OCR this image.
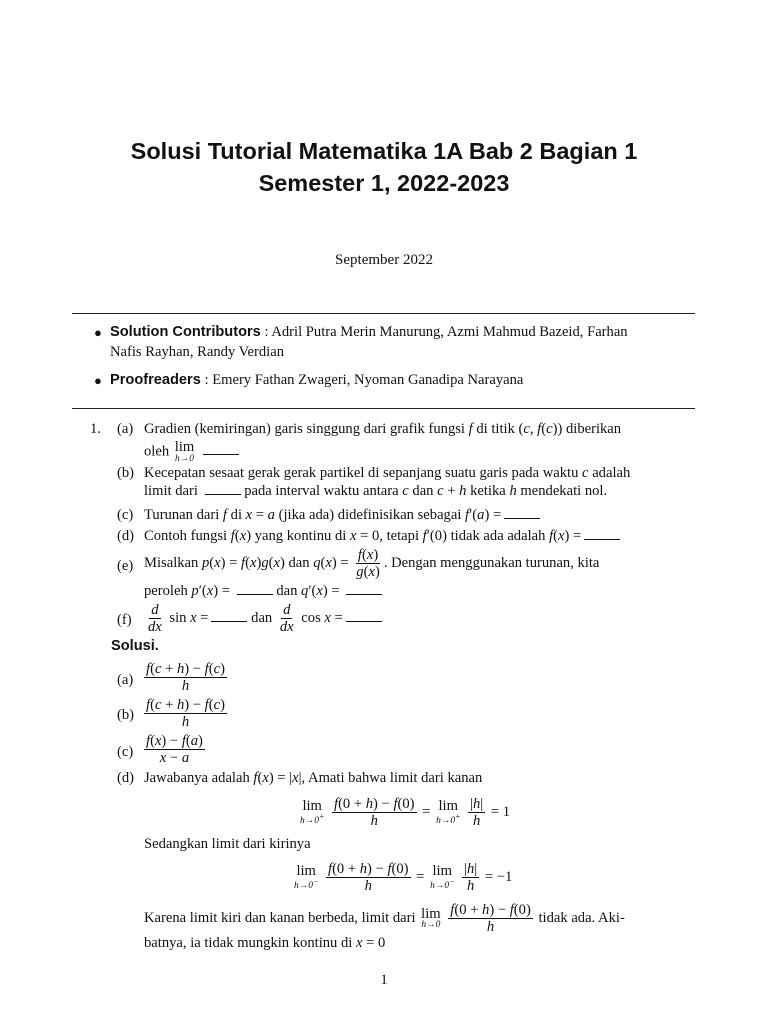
Solusi Tutorial Matematika 1A Bab 2 Bagian 1
Semester 1, 2022-2023
September 2022
● Solution Contributors : Adril Putra Merin Manurung, Azmi Mahmud Bazeid, Farhan
Nafis Rayhan, Randy Verdian
● Proofreaders : Emery Fathan Zwageri, Nyoman Ganadipa Narayana
1. (a) Gradien (kemiringan) garis singgung dari grafik fungsi f di titik (c, f(c)) diberikan
oleh lim
h→0

(b) Kecepatan sesaat gerak gerak partikel di sepanjang suatu garis pada waktu c adalah
limit dari	pada interval waktu antara c dan c + h ketika h mendekati nol.
(c) Turunan dari f di x = a (jika ada) didefinisikan sebagai f′(a) =
(d) Contoh fungsi f(x) yang kontinu di x = 0, tetapi f′(0) tidak ada adalah f(x) =
(e) Misalkan p(x) = f(x)g(x) dan $q(x) = \frac{f(x)}{g(x)}$ . Dengan menggunakan turunan, kita
peroleh p′(x) =	dan q′(x) =
$(f) \frac{d}{dx}$ sin x =	dan $\frac{d}{dx}$ cos x =
Solusi.
$(a) \frac{f(c + h) - f(c)}{h}$
$(b) \frac{f(c + h) - f(c)}{h}$
$(c) \frac{f(x) - f(a)}{x - a}$
(d) Jawabanya adalah f(x) = |x|, Amati bahwa limit dari kanan
lim
h→0+
$\frac{f(0 + h) - f(0)}{h} = \lim$
h→0+
$\frac{|h|}{h} = 1$
Sedangkan limit dari kirinya
lim
h→0−
$\frac{f(0 + h) - f(0)}{h} = \lim$
h→0−
$\frac{|h|}{h} = -1$
Karena limit kiri dan kanan berbeda, limit dari lim
h→0
$\frac{f(0 + h) - f(0)}{h}$ tidak ada. Aki-
batnya, ia tidak mungkin kontinu di x = 0
1
